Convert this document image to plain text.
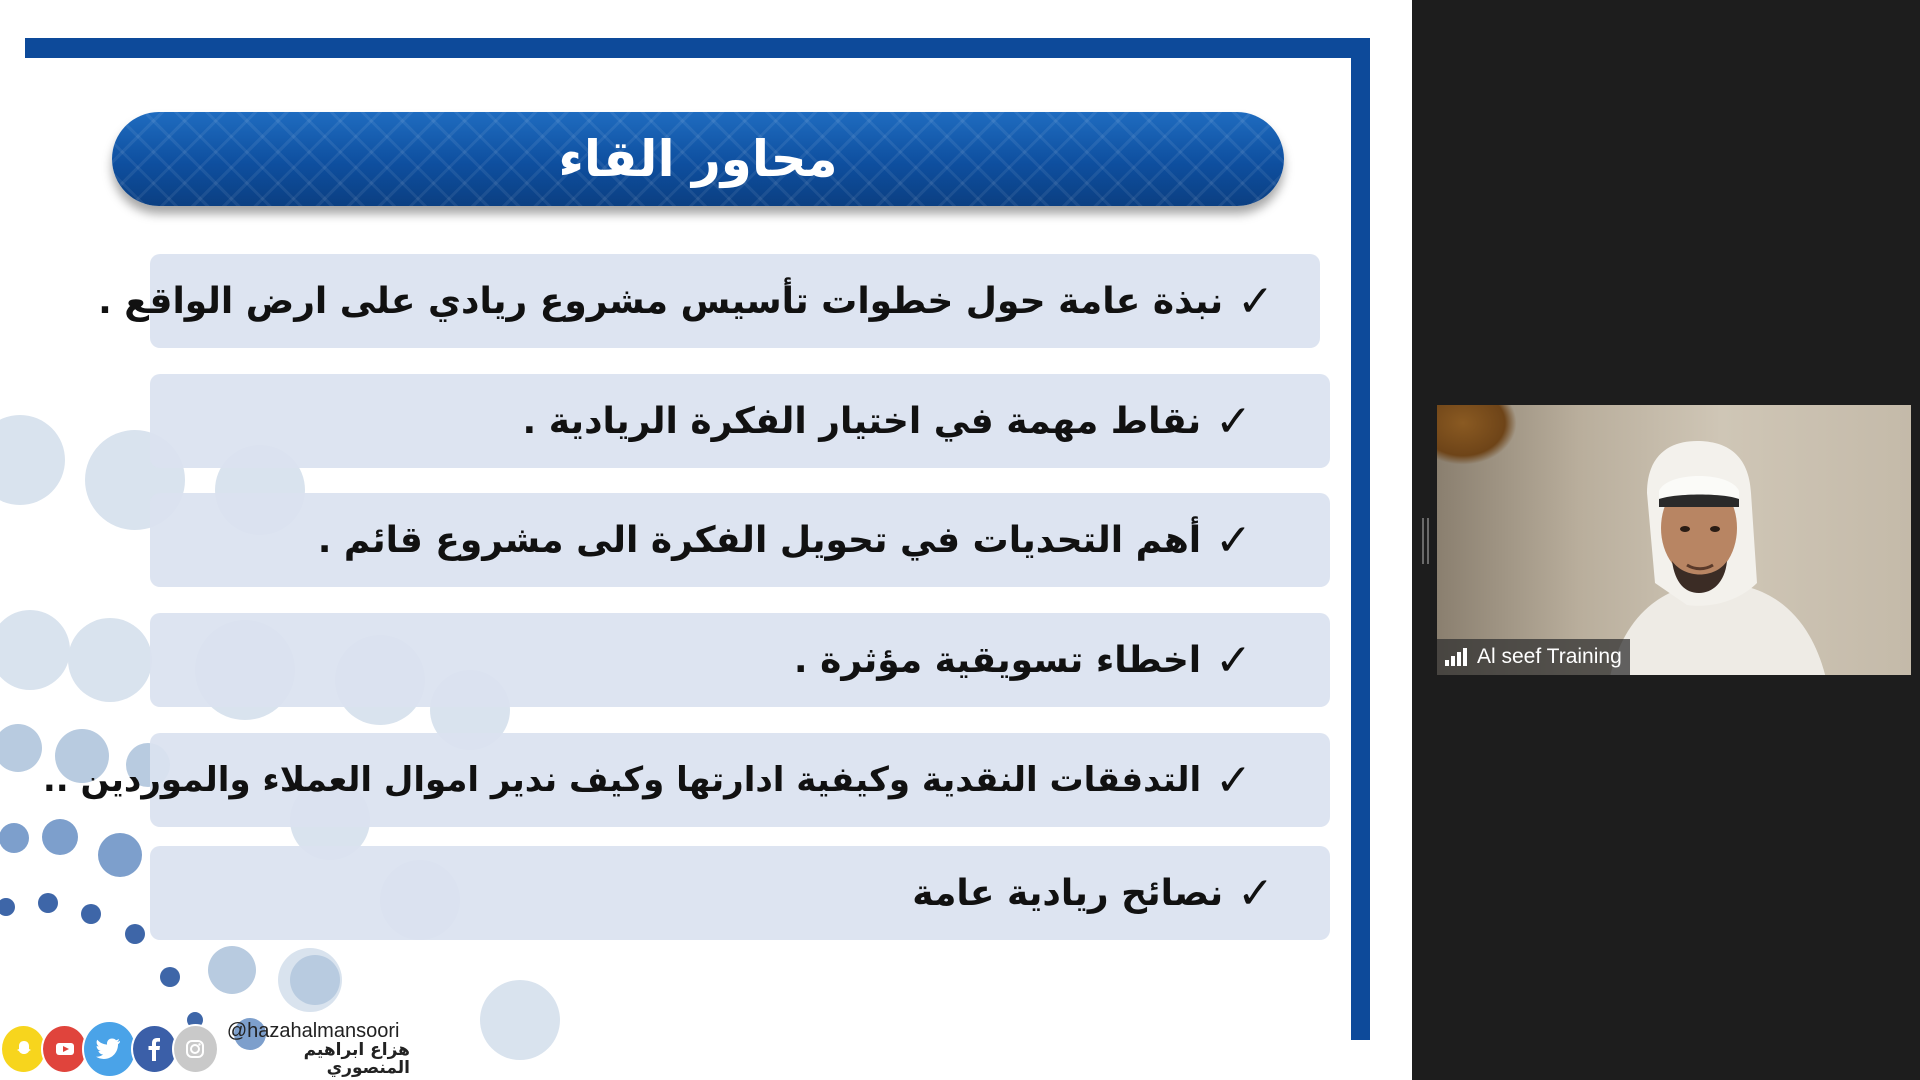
محاور القاء
✓
نبذة عامة حول خطوات تأسيس مشروع ريادي على ارض الواقع .
✓
نقاط مهمة في اختيار الفكرة الريادية .
✓
أهم التحديات في تحويل الفكرة الى مشروع قائم .
✓
اخطاء تسويقية مؤثرة .
✓
التدفقات النقدية وكيفية ادارتها وكيف ندير اموال العملاء والموردين ..
✓
نصائح ريادية عامة
@hazahalmansoori
هزاع ابراهيم المنصوري
Al seef Training
